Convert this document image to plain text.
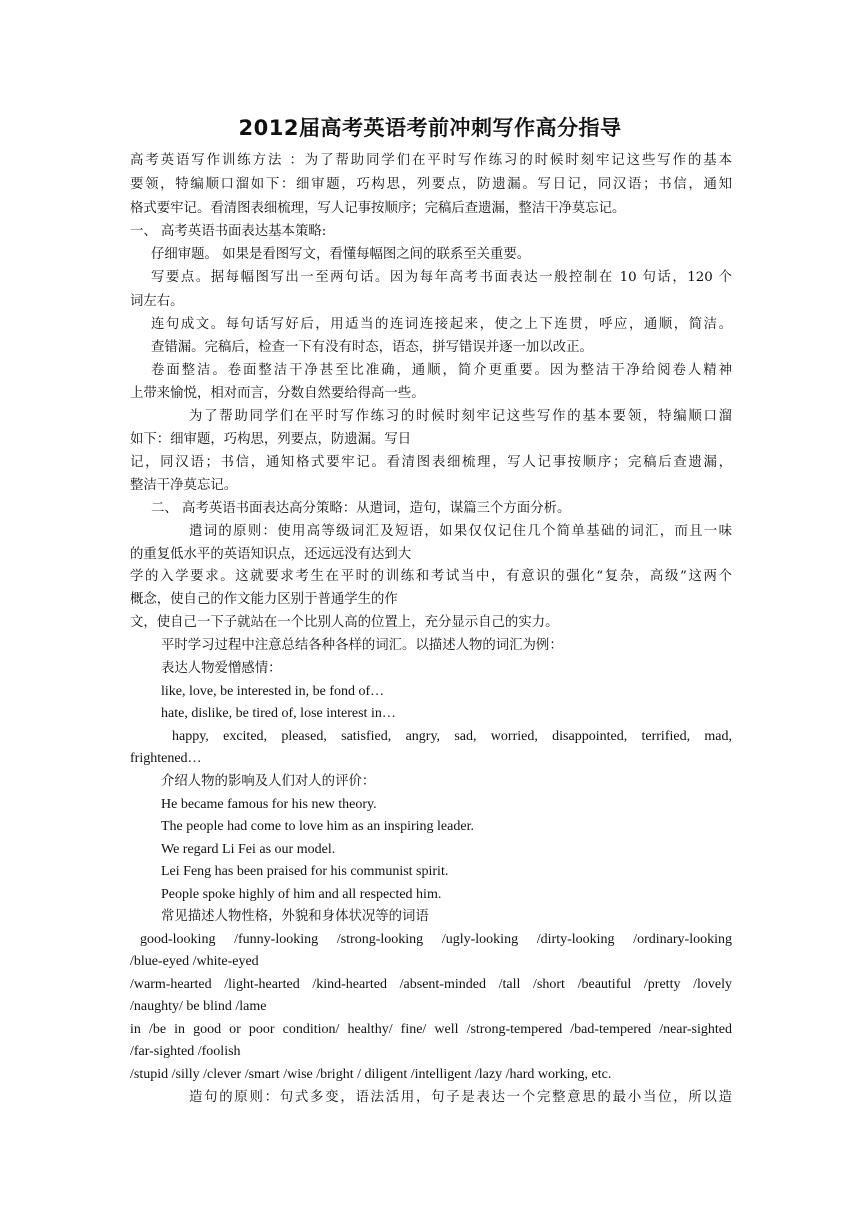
2012届高考英语考前冲刺写作高分指导
高考英语写作训练方法 ：为了帮助同学们在平时写作练习的时候时刻牢记这些写作的基本
要领，特编顺口溜如下：细审题，巧构思，列要点，防遗漏。写日记，同汉语；书信，通知
格式要牢记。看清图表细梳理，写人记事按顺序；完稿后查遗漏，整洁干净莫忘记。
一、 高考英语书面表达基本策略:
仔细审题。 如果是看图写文，看懂每幅图之间的联系至关重要。
写要点。据每幅图写出一至两句话。因为每年高考书面表达一般控制在 10 句话，120 个
词左右。
连句成文。每句话写好后，用适当的连词连接起来，使之上下连贯，呼应，通顺，简洁。
查错漏。完稿后，检查一下有没有时态，语态，拼写错误并逐一加以改正。
卷面整洁。卷面整洁干净甚至比准确，通顺，简介更重要。因为整洁干净给阅卷人精神
上带来愉悦，相对而言，分数自然要给得高一些。
为了帮助同学们在平时写作练习的时候时刻牢记这些写作的基本要领，特编顺口溜
如下：细审题，巧构思，列要点，防遗漏。写日
记，同汉语；书信，通知格式要牢记。看清图表细梳理，写人记事按顺序；完稿后查遗漏，
整洁干净莫忘记。
二、 高考英语书面表达高分策略：从遣词，造句，谋篇三个方面分析。
遣词的原则：使用高等级词汇及短语，如果仅仅记住几个简单基础的词汇，而且一味
的重复低水平的英语知识点，还远远没有达到大
学的入学要求。这就要求考生在平时的训练和考试当中，有意识的强化“复杂，高级”这两个
概念，使自己的作文能力区别于普通学生的作
文，使自己一下子就站在一个比别人高的位置上，充分显示自己的实力。
平时学习过程中注意总结各种各样的词汇。以描述人物的词汇为例：
表达人物爱憎感情：
like, love, be interested in, be fond of…
hate, dislike, be tired of, lose interest in…
happy, excited, pleased, satisfied, angry, sad, worried, disappointed, terrified, mad,
frightened…
介绍人物的影响及人们对人的评价：
He became famous for his new theory.
The people had come to love him as an inspiring leader.
We regard Li Fei as our model.
Lei Feng has been praised for his communist spirit.
People spoke highly of him and all respected him.
常见描述人物性格，外貌和身体状况等的词语
good-looking /funny-looking /strong-looking /ugly-looking /dirty-looking /ordinary-looking
/blue-eyed /white-eyed
/warm-hearted /light-hearted /kind-hearted /absent-minded /tall /short /beautiful /pretty /lovely
/naughty/ be blind /lame
in /be in good or poor condition/ healthy/ fine/ well /strong-tempered /bad-tempered /near-sighted
/far-sighted /foolish
/stupid /silly /clever /smart /wise /bright / diligent /intelligent /lazy /hard working, etc.
造句的原则：句式多变，语法活用，句子是表达一个完整意思的最小当位，所以造
